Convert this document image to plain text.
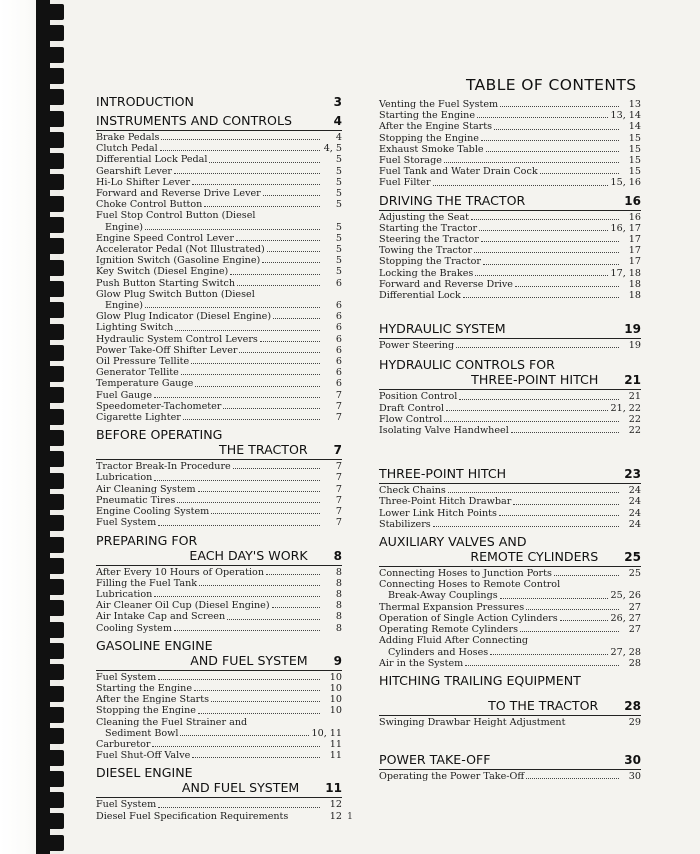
TABLE OF CONTENTS
INTRODUCTION	3
INSTRUMENTS AND CONTROLS	4
Brake Pedals	4
Clutch Pedal	4, 5
Differential Lock Pedal	5
Gearshift Lever	5
Hi-Lo Shifter Lever	5
Forward and Reverse Drive Lever	5
Choke Control Button	5
Fuel Stop Control Button (Diesel
Engine)	5
Engine Speed Control Lever	5
Accelerator Pedal (Not Illustrated)	5
Ignition Switch (Gasoline Engine)	5
Key Switch (Diesel Engine)	5
Push Button Starting Switch	6
Glow Plug Switch Button (Diesel
Engine)	6
Glow Plug Indicator (Diesel Engine)	6
Lighting Switch	6
Hydraulic System Control Levers	6
Power Take-Off Shifter Lever	6
Oil Pressure Tellite	6
Generator Tellite	6
Temperature Gauge	6
Fuel Gauge	7
Speedometer-Tachometer	7
Cigarette Lighter	7
BEFORE OPERATING
THE TRACTOR 7
Tractor Break-In Procedure	7
Lubrication	7
Air Cleaning System	7
Pneumatic Tires	7
Engine Cooling System	7
Fuel System	7
PREPARING FOR
EACH DAY'S WORK 8
After Every 10 Hours of Operation	8
Filling the Fuel Tank	8
Lubrication	8
Air Cleaner Oil Cup (Diesel Engine)	8
Air Intake Cap and Screen	8
Cooling System	8
GASOLINE ENGINE
AND FUEL SYSTEM 9
Fuel System	10
Starting the Engine	10
After the Engine Starts	10
Stopping the Engine	10
Cleaning the Fuel Strainer and
Sediment Bowl	10, 11
Carburetor	11
Fuel Shut-Off Valve	11
DIESEL ENGINE
AND FUEL SYSTEM 11
Fuel System	12
Diesel Fuel Specification Requirements	12
Venting the Fuel System	13
Starting the Engine	13, 14
After the Engine Starts	14
Stopping the Engine	15
Exhaust Smoke Table	15
Fuel Storage	15
Fuel Tank and Water Drain Cock	15
Fuel Filter	15, 16
DRIVING THE TRACTOR	16
Adjusting the Seat	16
Starting the Tractor	16, 17
Steering the Tractor	17
Towing the Tractor	17
Stopping the Tractor	17
Locking the Brakes	17, 18
Forward and Reverse Drive	18
Differential Lock	18
HYDRAULIC SYSTEM	19
Power Steering	19
HYDRAULIC CONTROLS FOR
THREE-POINT HITCH 21
Position Control	21
Draft Control	21, 22
Flow Control	22
Isolating Valve Handwheel	22
THREE-POINT HITCH	23
Check Chains	24
Three-Point Hitch Drawbar	24
Lower Link Hitch Points	24
Stabilizers	24
AUXILIARY VALVES AND
REMOTE CYLINDERS 25
Connecting Hoses to Junction Ports	25
Connecting Hoses to Remote Control
Break-Away Couplings	25, 26
Thermal Expansion Pressures	27
Operation of Single Action Cylinders	26, 27
Operating Remote Cylinders	27
Adding Fluid After Connecting
Cylinders and Hoses	27, 28
Air in the System	28
HITCHING TRAILING EQUIPMENT
TO THE TRACTOR 28
Swinging Drawbar Height Adjustment	29
POWER TAKE-OFF	30
Operating the Power Take-Off	30
1
